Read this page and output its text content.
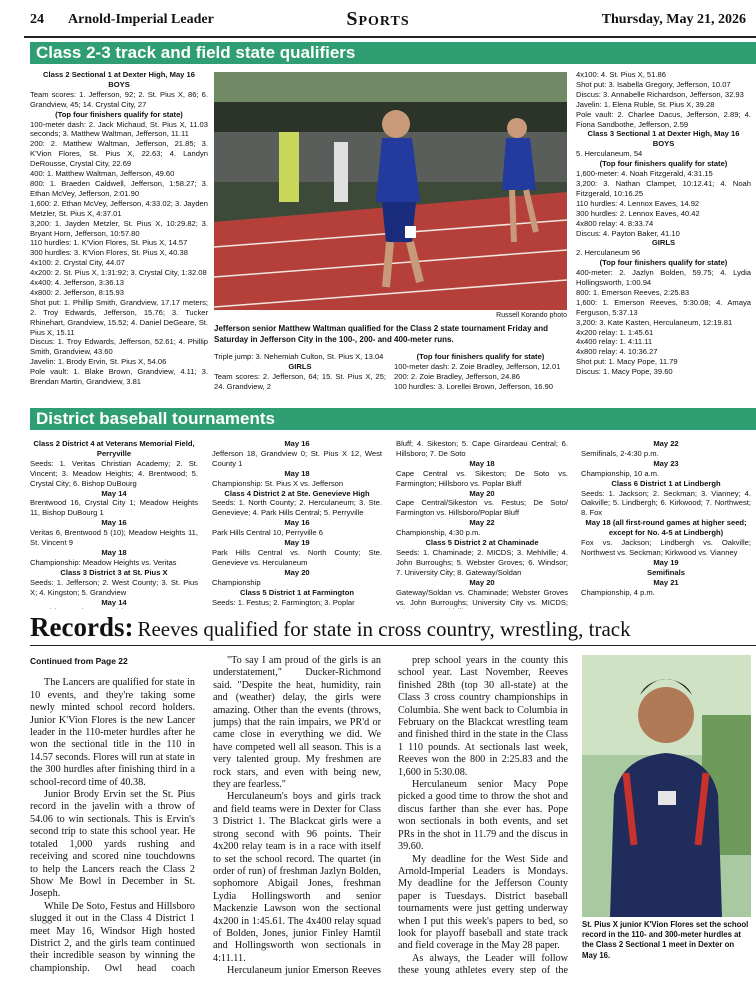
24 Arnold-Imperial Leader	Sports	Thursday, May 21, 2026
Class 2-3 track and field state qualifiers

Class 2 Sectional 1 at Dexter High, May 16

BOYS

Team scores: 1. Jefferson, 92; 2. St. Pius X, 86; 6. Grandview, 45; 14. Crystal City, 27

(Top four finishers qualify for state)

100-meter dash: 2. Jack Michaud, St. Pius X, 11.03 seconds; 3. Matthew Waltman, Jefferson, 11.11

200: 2. Matthew Waltman, Jefferson, 21.85; 3. K'Vion Flores, St. Pius X, 22.63; 4. Landyn DeRousse, Crystal City, 22.69

400: 1. Matthew Waltman, Jefferson, 49.60

800: 1. Braeden Caldwell, Jefferson, 1:58.27; 3. Ethan McVey, Jefferson, 2:01.90

1,600: 2. Ethan McVey, Jefferson, 4:33.02; 3. Jayden Metzler, St. Pius X, 4:37.01

3,200: 1. Jayden Metzler, St. Pius X, 10:29.82; 3. Bryant Horn, Jefferson, 10:57.80

110 hurdles: 1. K'Vion Flores, St. Pius X, 14.57

300 hurdles: 3. K'Vion Flores, St. Pius X, 40.38

4x100: 2. Crystal City, 44.07

4x200: 2. St. Pius X, 1:31:92; 3. Crystal City, 1:32.08

4x400: 4. Jefferson, 3:36.13

4x800: 2. Jefferson, 8:15.93

Shot put: 1. Phillip Smith, Grandview, 17.17 meters; 2. Troy Edwards, Jefferson, 15.76; 3. Tucker Rhinehart, Grandview, 15.52; 4. Daniel DeGeare, St. Pius X, 15.11

Discus: 1. Troy Edwards, Jefferson, 52.61; 4. Phillip Smith, Grandview, 43.60

Javelin: 1. Brody Ervin, St. Pius X, 54.06

Pole vault: 1. Blake Brown, Grandview, 4.11; 3. Brendan Martin, Grandview, 3.81

Russell Korando photo
Jefferson senior Matthew Waltman qualified for the Class 2 state tournament Friday and Saturday in Jefferson City in the 100-, 200- and 400-meter runs.

Triple jump: 3. Nehemiah Culton, St. Pius X, 13.04

GIRLS

Team scores: 2. Jefferson, 64; 15. St. Pius X, 25; 24. Grandview, 2

(Top four finishers qualify for state)

100-meter dash: 2. Zoie Bradley, Jefferson, 12.01

200: 2. Zoie Bradley, Jefferson, 24.86

100 hurdles: 3. Lorellei Brown, Jefferson, 16.90

4x100: 4. St. Pius X, 51.86

Shot put: 3. Isabella Gregory, Jefferson, 10.07

Discus: 3. Annabelle Richardson, Jefferson, 32.93

Javelin: 1. Elena Ruble, St. Pius X, 39.28

Pole vault: 2. Charlee Dacus, Jefferson, 2.89; 4. Fiona Sandbothe, Jefferson, 2.59

Class 3 Sectional 1 at Dexter High, May 16

BOYS

5. Herculaneum, 54

(Top four finishers qualify for state)

1,600-meter: 4. Noah Fitzgerald, 4:31.15

3,200: 3. Nathan Clampet, 10:12.41; 4. Noah Fitzgerald, 10:16.25

110 hurdles: 4. Lennox Eaves, 14.92

300 hurdles: 2. Lennox Eaves, 40.42

4x800 relay: 4. 8:33.74

Discus: 4. Payton Baker, 41.10

GIRLS

2. Herculaneum 96

(Top four finishers qualify for state)

400-meter: 2. Jazlyn Bolden, 59.75; 4. Lydia Hollingsworth, 1:00.94

800: 1. Emerson Reeves, 2:25.83

1,600: 1. Emerson Reeves, 5:30.08; 4. Amaya Ferguson, 5:37.13

3,200: 3. Kate Kasten, Herculaneum, 12:19.81

4x200 relay: 1. 1:45.61

4x400 relay: 1. 4:11.11

4x800 relay: 4. 10:36.27

Shot put: 1. Macy Pope, 11.79

Discus: 1. Macy Pope, 39.60

District baseball tournaments

Class 2 District 4 at Veterans Memorial Field, Perryville

Seeds: 1. Veritas Christian Academy; 2. St. Vincent; 3. Meadow Heights; 4. Brentwood; 5. Crystal City; 6. Bishop DuBourg

May 14

Brentwood 16, Crystal City 1; Meadow Heights 11, Bishop DuBourg 1

May 16

Veritas 6, Brentwood 5 (10); Meadow Heights 11, St. Vincent 9

May 18

Championship: Meadow Heights vs. Veritas

Class 3 District 3 at St. Pius X

Seeds: 1. Jefferson; 2. West County; 3. St. Pius X; 4. Kingston; 5. Grandview

May 14

May 16

Jefferson 18, Grandview 0; St. Pius X 12, West County 1

May 18

Championship: St. Pius X vs. Jefferson

Class 4 District 2 at Ste. Genevieve High

Seeds: 1. North County; 2. Herculaneum; 3. Ste. Genevieve; 4. Park Hills Central; 5. Perryville

May 16

Park Hills Central 10, Perryville 6

May 19

Park Hills Central vs. North County; Ste. Genevieve vs. Herculaneum

May 20

Championship

Class 5 District 1 at Farmington

Seeds: 1. Festus; 2. Farmington; 3. Poplar

Bluff; 4. Sikeston; 5. Cape Girardeau Central; 6. Hillsboro; 7. De Soto

May 18

Cape Central vs. Sikeston; De Soto vs. Farmington; Hillsboro vs. Poplar Bluff

May 20

Cape Central/Sikeston vs. Festus; De Soto/ Farmington vs. Hillsboro/Poplar Bluff

May 22

Championship, 4:30 p.m.

Class 5 District 2 at Chaminade

Seeds: 1. Chaminade; 2. MICDS; 3. Mehlville; 4. John Burroughs; 5. Webster Groves; 6. Windsor; 7. University City; 8. Gateway/Soldan

May 20

Gateway/Soldan vs. Chaminade; Webster Groves vs. John Burroughs; University City vs. MICDS;

May 22

Semifinals, 2-4:30 p.m.

May 23

Championship, 10 a.m.

Class 6 District 1 at Lindbergh

Seeds: 1. Jackson; 2. Seckman; 3. Vianney; 4. Oakville; 5. Lindbergh; 6. Kirkwood; 7. Northwest; 8. Fox

May 18 (all first-round games at higher seed; except for No. 4-5 at Lindbergh)

Fox vs. Jackson; Lindbergh vs. Oakville; Northwest vs. Seckman; Kirkwood vs. Vianney

May 19

Semifinals

May 21

Championship, 4 p.m.

Records: Reeves qualified for state in cross country, wrestling, track

Continued from Page 22

The Lancers are qualified for state in 10 events, and they're taking some newly minted school record holders. Junior K'Vion Flores is the new Lancer leader in the 110-meter hurdles after he won the sectional title in the 110 in 14.57 seconds. Flores will run at state in the 300 hurdles after finishing third in a school-record time of 40.38.

Junior Brody Ervin set the St. Pius record in the javelin with a throw of 54.06 to win sectionals. This is Ervin's second trip to state this school year. He totaled 1,000 yards rushing and receiving and scored nine touchdowns to help the Lancers reach the Class 2 Show Me Bowl in December in St. Joseph.

While De Soto, Festus and Hillsboro slugged it out in the Class 4 District 1 meet May 16, Windsor High hosted District 2, and the girls team continued their incredible season by winning the championship. Owl head coach

"To say I am proud of the girls is an understatement," Ducker-Richmond said. "Despite the heat, humidity, rain and (weather) delay, the girls were amazing. Other than the events (throws, jumps) that the rain impairs, we PR'd or came close in everything we did. We have competed well all season. This is a very talented group. My freshmen are rock stars, and even with being new, they are fearless."

Herculaneum's boys and girls track and field teams were in Dexter for Class 3 District 1. The Blackcat girls were a strong second with 96 points. Their 4x200 relay team is in a race with itself to set the school record. The quartet (in order of run) of freshman Jazlyn Bolden, sophomore Abigail Jones, freshman Lydia Hollingsworth and senior Mackenzie Lawson won the sectional 4x200 in 1:45.61. The 4x400 relay squad of Bolden, Jones, junior Finley Hamtil and Hollingsworth won sectionals in 4:11.11.

Herculaneum junior Emerson Reeves

prep school years in the county this school year. Last November, Reeves finished 28th (top 30 all-state) at the Class 3 cross country championships in Columbia. She went back to Columbia in February on the Blackcat wrestling team and finished third in the state in the Class 1 110 pounds. At sectionals last week, Reeves won the 800 in 2:25.83 and the 1,600 in 5:30.08.

Herculaneum senior Macy Pope picked a good time to throw the shot and discus farther than she ever has. Pope won sectionals in both events, and set PRs in the shot in 11.79 and the discus in 39.60.

My deadline for the West Side and Arnold-Imperial Leaders is Mondays. My deadline for the Jefferson County paper is Tuesdays. District baseball tournaments were just getting underway when I put this week's papers to bed, so look for playoff baseball and state track and field coverage in the May 28 paper.

As always, the Leader will follow these young athletes every step of the

St. Pius X junior K'Vion Flores set the school record in the 110- and 300-meter hurdles at the Class 2 Sectional 1 meet in Dexter on May 16.
